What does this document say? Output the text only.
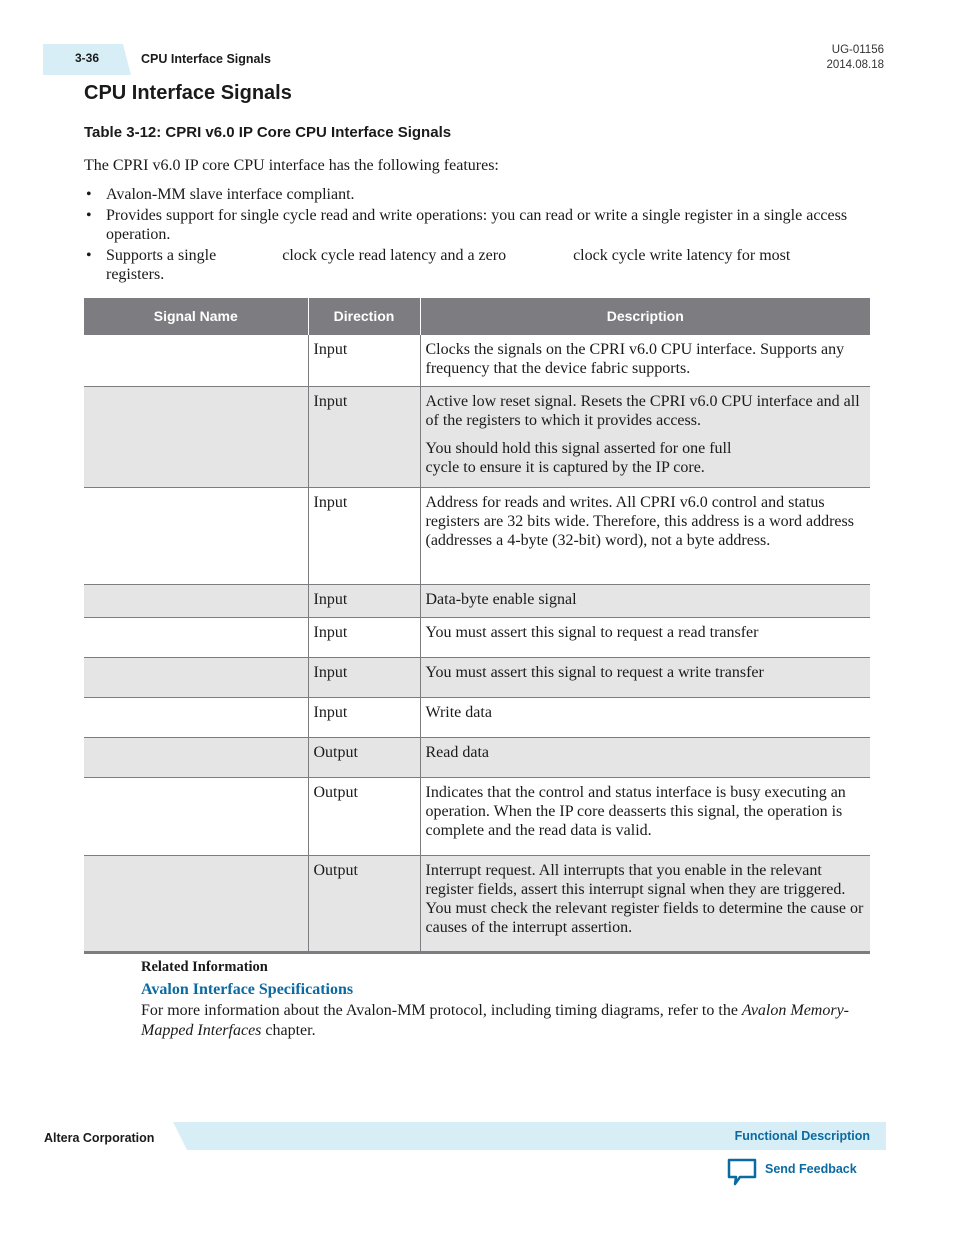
3-36	CPU Interface Signals
UG-01156
2014.08.18
CPU Interface Signals
Table 3-12: CPRI v6.0 IP Core CPU Interface Signals
The CPRI v6.0 IP core CPU interface has the following features:
• Avalon-MM slave interface compliant.
• Provides support for single cycle read and write operations: you can read or write a single register in a single access operation.
• Supports a single	clock cycle read latency and a zero	clock cycle write latency for most
registers.
Signal Name	Direction	Description
	Input	Clocks the signals on the CPRI v6.0 CPU interface. Supports any frequency that the device fabric supports.

	Input	Active low reset signal. Resets the CPRI v6.0 CPU interface and all of the registers to which it provides access.

You should hold this signal asserted for one full cycle to ensure it is captured by the IP core.

	Input	Address for reads and writes. All CPRI v6.0 control and status registers are 32 bits wide. Therefore, this address is a word address (addresses a 4-byte (32-bit) word), not a byte address.

	Input	Data-byte enable signal

	Input	You must assert this signal to request a read transfer

	Input	You must assert this signal to request a write transfer

	Input	Write data

	Output	Read data

	Output	Indicates that the control and status interface is busy executing an operation. When the IP core deasserts this signal, the operation is complete and the read data is valid.

	Output	Interrupt request. All interrupts that you enable in the relevant register fields, assert this interrupt signal when they are triggered. You must check the relevant register fields to determine the cause or causes of the interrupt assertion.

Related Information
Avalon Interface Specifications
For more information about the Avalon-MM protocol, including timing diagrams, refer to the Avalon Memory-Mapped Interfaces chapter.
Altera Corporation	Functional Description
Send Feedback
